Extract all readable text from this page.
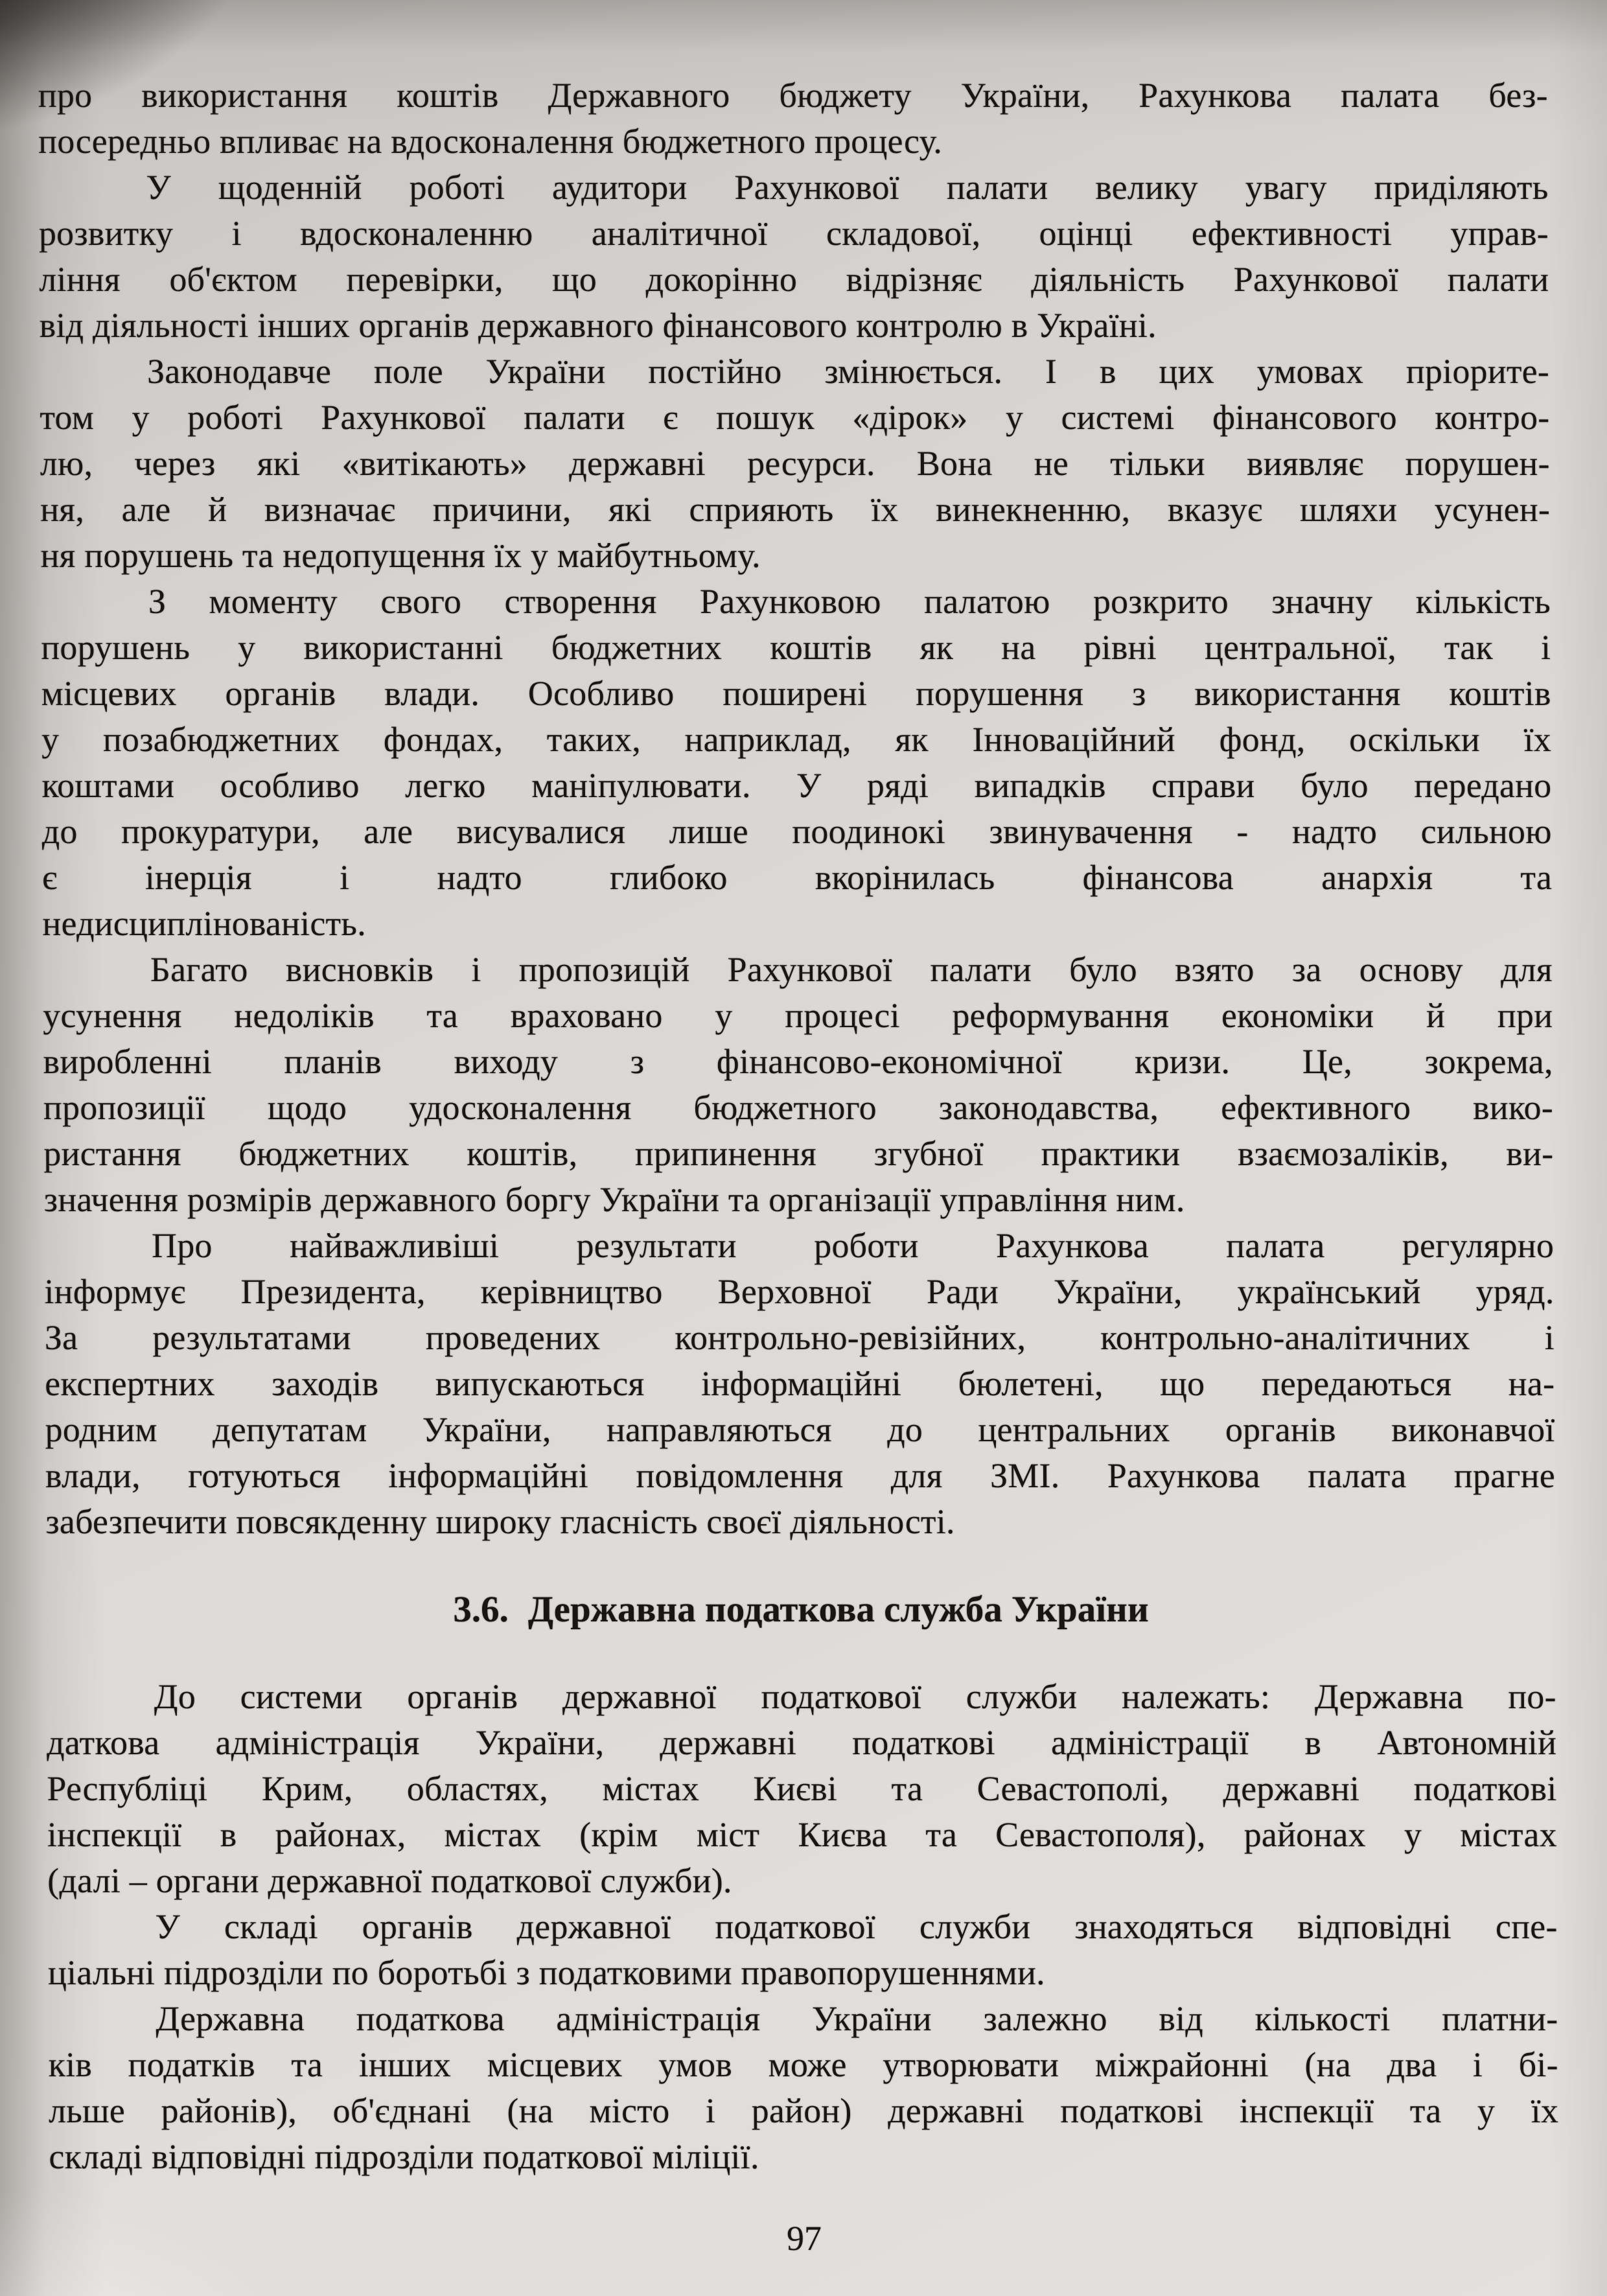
про використання коштів Державного бюджету України, Рахункова палата без-
посередньо впливає на вдосконалення бюджетного процесу.
У щоденній роботі аудитори Рахункової палати велику увагу приділяють
розвитку і вдосконаленню аналітичної складової, оцінці ефективності управ-
ління об'єктом перевірки, що докорінно відрізняє діяльність Рахункової палати
від діяльності інших органів державного фінансового контролю в Україні.
Законодавче поле України постійно змінюється. І в цих умовах пріорите-
том у роботі Рахункової палати є пошук «дірок» у системі фінансового контро-
лю, через які «витікають» державні ресурси. Вона не тільки виявляє порушен-
ня, але й визначає причини, які сприяють їх винекненню, вказує шляхи усунен-
ня порушень та недопущення їх у майбутньому.
З моменту свого створення Рахунковою палатою розкрито значну кількість
порушень у використанні бюджетних коштів як на рівні центральної, так і
місцевих органів влади. Особливо поширені порушення з використання коштів
у позабюджетних фондах, таких, наприклад, як Інноваційний фонд, оскільки їх
коштами особливо легко маніпулювати. У ряді випадків справи було передано
до прокуратури, але висувалися лише поодинокі звинувачення - надто сильною
є інерція і надто глибоко вкорінилась фінансова анархія та
недисциплінованість.
Багато висновків і пропозицій Рахункової палати було взято за основу для
усунення недоліків та враховано у процесі реформування економіки й при
виробленні планів виходу з фінансово-економічної кризи. Це, зокрема,
пропозиції щодо удосконалення бюджетного законодавства, ефективного вико-
ристання бюджетних коштів, припинення згубної практики взаємозаліків, ви-
значення розмірів державного боргу України та організації управління ним.
Про найважливіші результати роботи Рахункова палата регулярно
інформує Президента, керівництво Верховної Ради України, український уряд.
За результатами проведених контрольно-ревізійних, контрольно-аналітичних і
експертних заходів випускаються інформаційні бюлетені, що передаються на-
родним депутатам України, направляються до центральних органів виконавчої
влади, готуються інформаційні повідомлення для ЗМІ. Рахункова палата прагне
забезпечити повсякденну широку гласність своєї діяльності.
3.6. Державна податкова служба України
До системи органів державної податкової служби належать: Державна по-
даткова адміністрація України, державні податкові адміністрації в Автономній
Республіці Крим, областях, містах Києві та Севастополі, державні податкові
інспекції в районах, містах (крім міст Києва та Севастополя), районах у містах
(далі – органи державної податкової служби).
У складі органів державної податкової служби знаходяться відповідні спе-
ціальні підрозділи по боротьбі з податковими правопорушеннями.
Державна податкова адміністрація України залежно від кількості платни-
ків податків та інших місцевих умов може утворювати міжрайонні (на два і бі-
льше районів), об'єднані (на місто і район) державні податкові інспекції та у їх
складі відповідні підрозділи податкової міліції.
97
